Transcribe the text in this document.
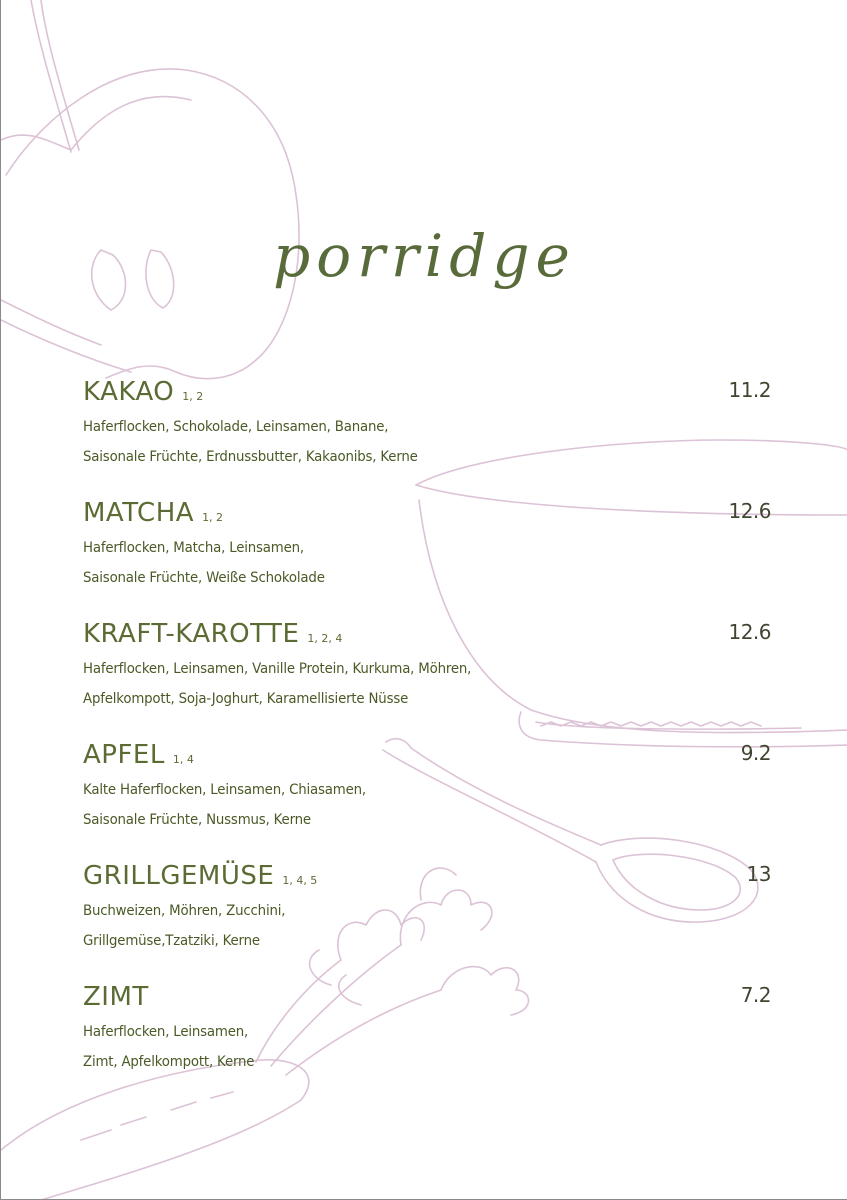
porridge
KAKAO 1, 2	11.2
Haferflocken, Schokolade, Leinsamen, Banane,
Saisonale Früchte, Erdnussbutter, Kakaonibs, Kerne
MATCHA 1, 2	12.6
Haferflocken, Matcha, Leinsamen,
Saisonale Früchte, Weiße Schokolade
KRAFT-KAROTTE 1, 2, 4	12.6
Haferflocken, Leinsamen, Vanille Protein, Kurkuma, Möhren,
Apfelkompott, Soja-Joghurt, Karamellisierte Nüsse
APFEL 1, 4	9.2
Kalte Haferflocken, Leinsamen, Chiasamen,
Saisonale Früchte, Nussmus, Kerne
GRILLGEMÜSE 1, 4, 5	13
Buchweizen, Möhren, Zucchini,
Grillgemüse,Tzatziki, Kerne
ZIMT	7.2
Haferflocken, Leinsamen,
Zimt, Apfelkompott, Kerne
